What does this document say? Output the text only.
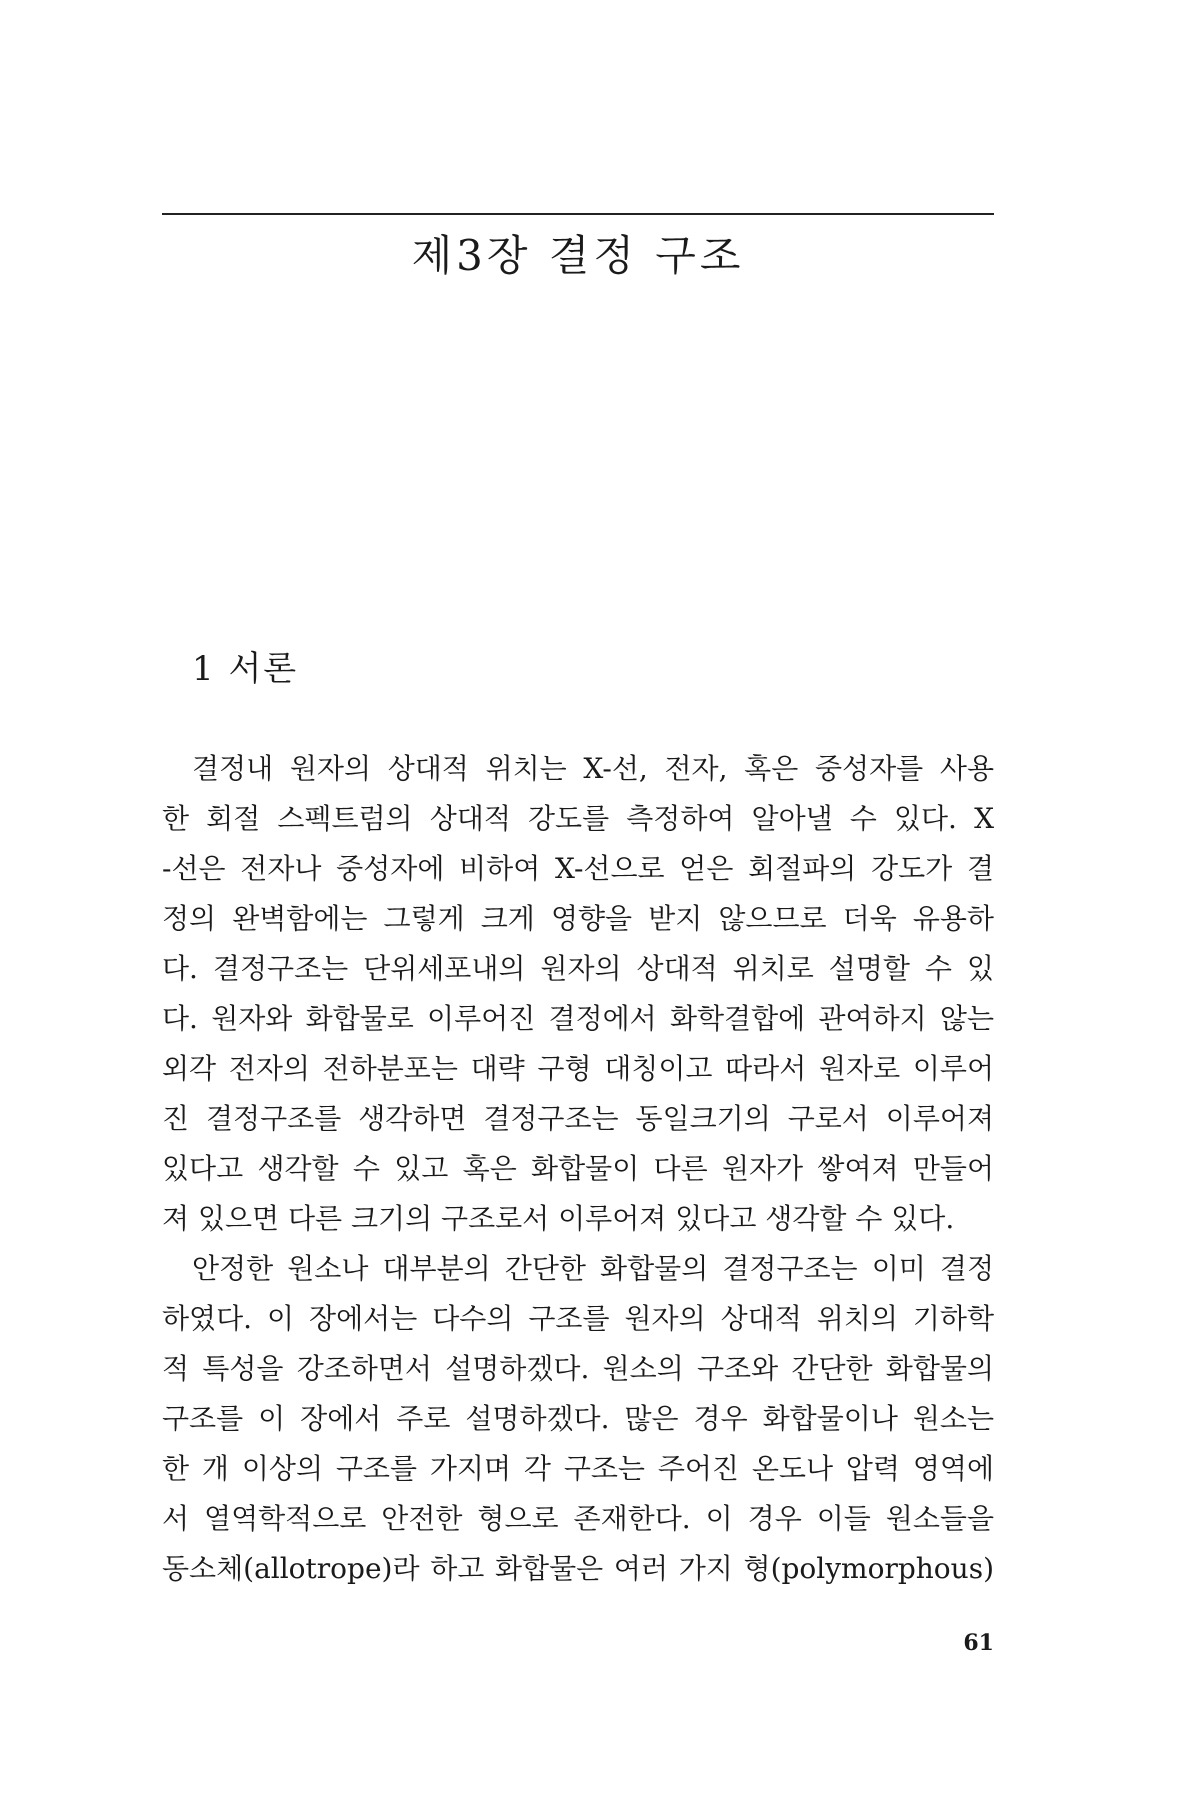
제3장 결정 구조
1 서론
결정내 원자의 상대적 위치는 X-선, 전자, 혹은 중성자를 사용
한 회절 스펙트럼의 상대적 강도를 측정하여 알아낼 수 있다. X
-선은 전자나 중성자에 비하여 X-선으로 얻은 회절파의 강도가 결
정의 완벽함에는 그렇게 크게 영향을 받지 않으므로 더욱 유용하
다. 결정구조는 단위세포내의 원자의 상대적 위치로 설명할 수 있
다. 원자와 화합물로 이루어진 결정에서 화학결합에 관여하지 않는
외각 전자의 전하분포는 대략 구형 대칭이고 따라서 원자로 이루어
진 결정구조를 생각하면 결정구조는 동일크기의 구로서 이루어져
있다고 생각할 수 있고 혹은 화합물이 다른 원자가 쌓여져 만들어
져 있으면 다른 크기의 구조로서 이루어져 있다고 생각할 수 있다.
안정한 원소나 대부분의 간단한 화합물의 결정구조는 이미 결정
하였다. 이 장에서는 다수의 구조를 원자의 상대적 위치의 기하학
적 특성을 강조하면서 설명하겠다. 원소의 구조와 간단한 화합물의
구조를 이 장에서 주로 설명하겠다. 많은 경우 화합물이나 원소는
한 개 이상의 구조를 가지며 각 구조는 주어진 온도나 압력 영역에
서 열역학적으로 안전한 형으로 존재한다. 이 경우 이들 원소들을
동소체(allotrope)라 하고 화합물은 여러 가지 형(polymorphous)
61
